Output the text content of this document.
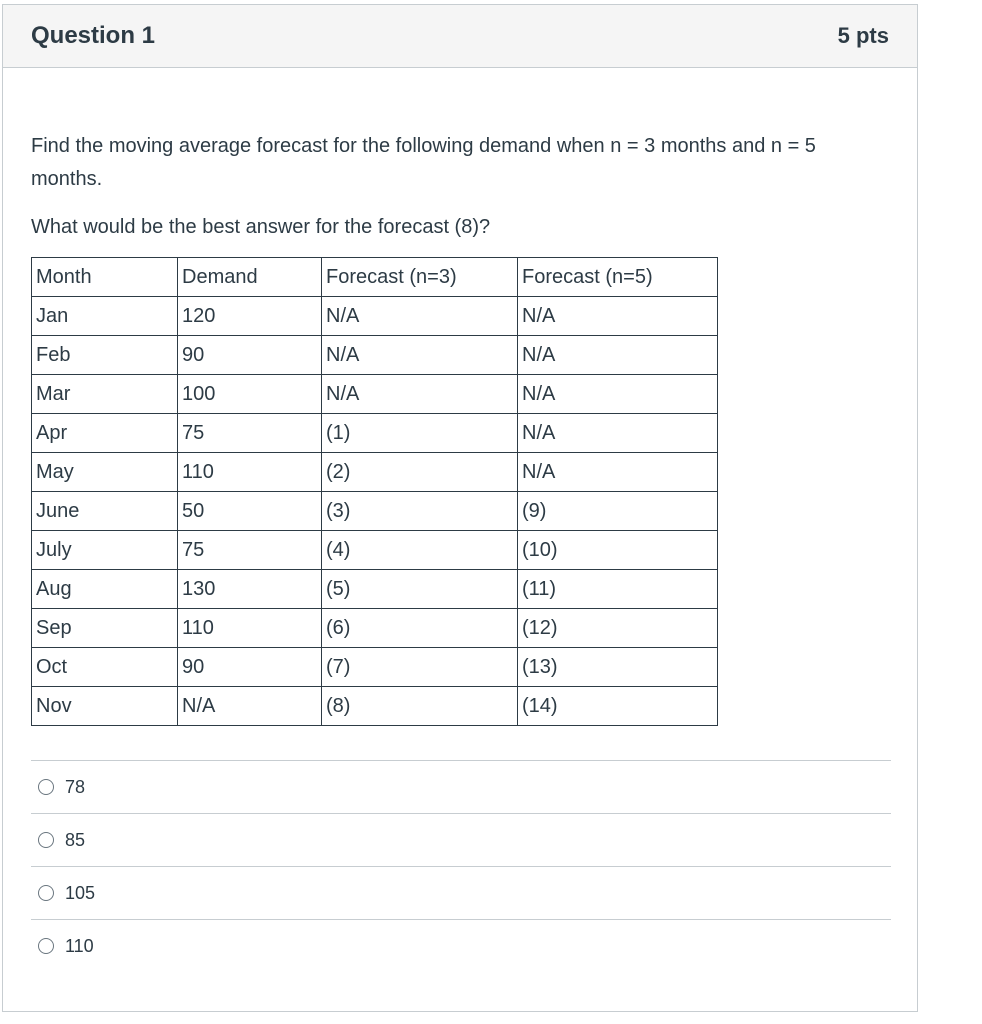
Question 1	5 pts
Find the moving average forecast for the following demand when n = 3 months and n = 5 months.
What would be the best answer for the forecast (8)?
Month	Demand	Forecast (n=3)	Forecast (n=5)
Jan	120	N/A	N/A
Feb	90	N/A	N/A
Mar	100	N/A	N/A
Apr	75	(1)	N/A
May	110	(2)	N/A
June	50	(3)	(9)
July	75	(4)	(10)
Aug	130	(5)	(11)
Sep	110	(6)	(12)
Oct	90	(7)	(13)
Nov	N/A	(8)	(14)
78
85
105
110
